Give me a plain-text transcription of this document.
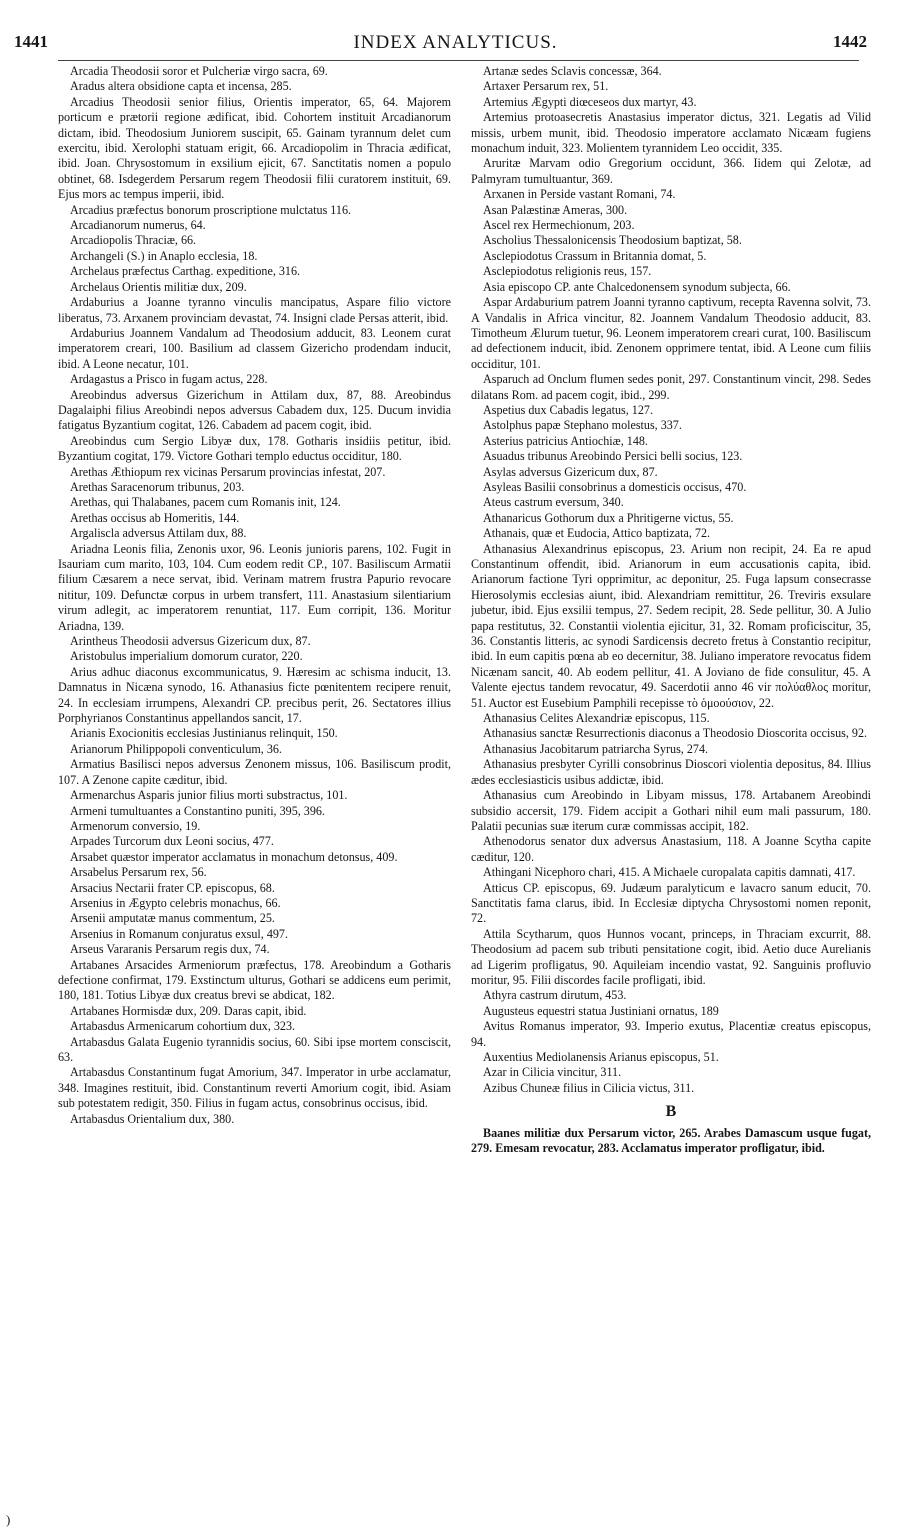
1441	INDEX ANALYTICUS.	1442

Arcadia Theodosii soror et Pulcheriæ virgo sacra, 69.

Aradus altera obsidione capta et incensa, 285.

Arcadius Theodosii senior filius, Orientis imperator, 65, 64. Majorem porticum e prætorii regione ædificat, ibid. Cohortem instituit Arcadianorum dictam, ibid. Theodosium Juniorem suscipit, 65. Gainam tyrannum delet cum exercitu, ibid. Xerolophi statuam erigit, 66. Arcadiopolim in Thracia ædificat, ibid. Joan. Chrysostomum in exsilium ejicit, 67. Sanctitatis nomen a populo obtinet, 68. Isdegerdem Persarum regem Theodosii filii curatorem instituit, 69. Ejus mors ac tempus imperii, ibid.

Arcadius præfectus bonorum proscriptione mulctatus 116.

Arcadianorum numerus, 64.

Arcadiopolis Thraciæ, 66.

Archangeli (S.) in Anaplo ecclesia, 18.

Archelaus præfectus Carthag. expeditione, 316.

Archelaus Orientis militiæ dux, 209.

Ardaburius a Joanne tyranno vinculis mancipatus, Aspare filio victore liberatus, 73. Arxanem provinciam devastat, 74. Insigni clade Persas atterit, ibid.

Ardaburius Joannem Vandalum ad Theodosium adducit, 83. Leonem curat imperatorem creari, 100. Basilium ad classem Gizericho prodendam inducit, ibid. A Leone necatur, 101.

Ardagastus a Prisco in fugam actus, 228.

Areobindus adversus Gizerichum in Attilam dux, 87, 88. Areobindus Dagalaiphi filius Areobindi nepos adversus Cabadem dux, 125. Ducum invidia fatigatus Byzantium cogitat, 126. Cabadem ad pacem cogit, ibid.

Areobindus cum Sergio Libyæ dux, 178. Gotharis insidiis petitur, ibid. Byzantium cogitat, 179. Victore Gothari templo eductus occiditur, 180.

Arethas Æthiopum rex vicinas Persarum provincias infestat, 207.

Arethas Saracenorum tribunus, 203.

Arethas, qui Thalabanes, pacem cum Romanis init, 124.

Arethas occisus ab Homeritis, 144.

Argaliscla adversus Attilam dux, 88.

Ariadna Leonis filia, Zenonis uxor, 96. Leonis junioris parens, 102. Fugit in Isauriam cum marito, 103, 104. Cum eodem redit CP., 107. Basiliscum Armatii filium Cæsarem a nece servat, ibid. Verinam matrem frustra Papurio revocare nititur, 109. Defunctæ corpus in urbem transfert, 111. Anastasium silentiarium virum adlegit, ac imperatorem renuntiat, 117. Eum corripit, 136. Moritur Ariadna, 139.

Arintheus Theodosii adversus Gizericum dux, 87.

Aristobulus imperialium domorum curator, 220.

Arius adhuc diaconus excommunicatus, 9. Hæresim ac schisma inducit, 13. Damnatus in Nicæna synodo, 16. Athanasius ficte pœnitentem recipere renuit, 24. In ecclesiam irrumpens, Alexandri CP. precibus perit, 26. Sectatores illius Porphyrianos Constantinus appellandos sancit, 17.

Arianis Exocionitis ecclesias Justinianus relinquit, 150.

Arianorum Philippopoli conventiculum, 36.

Armatius Basilisci nepos adversus Zenonem missus, 106. Basiliscum prodit, 107. A Zenone capite cæditur, ibid.

Armenarchus Asparis junior filius morti substractus, 101.

Armeni tumultuantes a Constantino puniti, 395, 396.

Armenorum conversio, 19.

Arpades Turcorum dux Leoni socius, 477.

Arsabet quæstor imperator acclamatus in monachum detonsus, 409.

Arsabelus Persarum rex, 56.

Arsacius Nectarii frater CP. episcopus, 68.

Arsenius in Ægypto celebris monachus, 66.

Arsenii amputatæ manus commentum, 25.

Arsenius in Romanum conjuratus exsul, 497.

Arseus Vararanis Persarum regis dux, 74.

Artabanes Arsacides Armeniorum præfectus, 178. Areobindum a Gotharis defectione confirmat, 179. Exstinctum ulturus, Gothari se addicens eum perimit, 180, 181. Totius Libyæ dux creatus brevi se abdicat, 182.

Artabanes Hormisdæ dux, 209. Daras capit, ibid.

Artabasdus Armenicarum cohortium dux, 323.

Artabasdus Galata Eugenio tyrannidis socius, 60. Sibi ipse mortem consciscit, 63.

Artabasdus Constantinum fugat Amorium, 347. Imperator in urbe acclamatur, 348. Imagines restituit, ibid. Constantinum reverti Amorium cogit, ibid. Asiam sub potestatem redigit, 350. Filius in fugam actus, consobrinus occisus, ibid.

Artabasdus Orientalium dux, 380.

Artanæ sedes Sclavis concessæ, 364.

Artaxer Persarum rex, 51.

Artemius Ægypti diœceseos dux martyr, 43.

Artemius protoasecretis Anastasius imperator dictus, 321. Legatis ad Vilid missis, urbem munit, ibid. Theodosio imperatore acclamato Nicæam fugiens monachum induit, 323. Molientem tyrannidem Leo occidit, 335.

Aruritæ Marvam odio Gregorium occidunt, 366. Iidem qui Zelotæ, ad Palmyram tumultuantur, 369.

Arxanen in Perside vastant Romani, 74.

Asan Palæstinæ Ameras, 300.

Ascel rex Hermechionum, 203.

Ascholius Thessalonicensis Theodosium baptizat, 58.

Asclepiodotus Crassum in Britannia domat, 5.

Asclepiodotus religionis reus, 157.

Asia episcopo CP. ante Chalcedonensem synodum subjecta, 66.

Aspar Ardaburium patrem Joanni tyranno captivum, recepta Ravenna solvit, 73. A Vandalis in Africa vincitur, 82. Joannem Vandalum Theodosio adducit, 83. Timotheum Ælurum tuetur, 96. Leonem imperatorem creari curat, 100. Basiliscum ad defectionem inducit, ibid. Zenonem opprimere tentat, ibid. A Leone cum filiis occiditur, 101.

Asparuch ad Onclum flumen sedes ponit, 297. Constantinum vincit, 298. Sedes dilatans Rom. ad pacem cogit, ibid., 299.

Aspetius dux Cabadis legatus, 127.

Astolphus papæ Stephano molestus, 337.

Asterius patricius Antiochiæ, 148.

Asuadus tribunus Areobindo Persici belli socius, 123.

Asylas adversus Gizericum dux, 87.

Asyleas Basilii consobrinus a domesticis occisus, 470.

Ateus castrum eversum, 340.

Athanaricus Gothorum dux a Phritigerne victus, 55.

Athanais, quæ et Eudocia, Attico baptizata, 72.

Athanasius Alexandrinus episcopus, 23. Arium non recipit, 24. Ea re apud Constantinum offendit, ibid. Arianorum in eum accusationis capita, ibid. Arianorum factione Tyri opprimitur, ac deponitur, 25. Fuga lapsum consecrasse Hierosolymis ecclesias aiunt, ibid. Alexandriam remittitur, 26. Treviris exsulare jubetur, ibid. Ejus exsilii tempus, 27. Sedem recipit, 28. Sede pellitur, 30. A Julio papa restitutus, 32. Constantii violentia ejicitur, 31, 32. Romam proficiscitur, 35, 36. Constantis litteris, ac synodi Sardicensis decreto fretus à Constantio recipitur, ibid. In eum capitis pœna ab eo decernitur, 38. Juliano imperatore revocatus fidem Nicænam sancit, 40. Ab eodem pellitur, 41. A Joviano de fide consulitur, 45. A Valente ejectus tandem revocatur, 49. Sacerdotii anno 46 vir πολύαθλος moritur, 51. Auctor est Eusebium Pamphili recepisse τὸ ὁμοούσιον, 22.

Athanasius Celites Alexandriæ episcopus, 115.

Athanasius sanctæ Resurrectionis diaconus a Theodosio Dioscorita occisus, 92.

Athanasius Jacobitarum patriarcha Syrus, 274.

Athanasius presbyter Cyrilli consobrinus Dioscori violentia depositus, 84. Illius ædes ecclesiasticis usibus addictæ, ibid.

Athanasius cum Areobindo in Libyam missus, 178. Artabanem Areobindi subsidio accersit, 179. Fidem accipit a Gothari nihil eum mali passurum, 180. Palatii pecunias suæ iterum curæ commissas accipit, 182.

Athenodorus senator dux adversus Anastasium, 118. A Joanne Scytha capite cæditur, 120.

Athingani Nicephoro chari, 415. A Michaele curopalata capitis damnati, 417.

Atticus CP. episcopus, 69. Judæum paralyticum e lavacro sanum educit, 70. Sanctitatis fama clarus, ibid. In Ecclesiæ diptycha Chrysostomi nomen reponit, 72.

Attila Scytharum, quos Hunnos vocant, princeps, in Thraciam excurrit, 88. Theodosium ad pacem sub tributi pensitatione cogit, ibid. Aetio duce Aurelianis ad Ligerim profligatus, 90. Aquileiam incendio vastat, 92. Sanguinis profluvio moritur, 95. Filii discordes facile profligati, ibid.

Athyra castrum dirutum, 453.

Augusteus equestri statua Justiniani ornatus, 189

Avitus Romanus imperator, 93. Imperio exutus, Placentiæ creatus episcopus, 94.

Auxentius Mediolanensis Arianus episcopus, 51.

Azar in Cilicia vincitur, 311.

Azibus Chuneæ filius in Cilicia victus, 311.

B

Baanes militiæ dux Persarum victor, 265. Arabes Damascum usque fugat, 279. Emesam revocatur, 283. Acclamatus imperator profligatur, ibid.

)
